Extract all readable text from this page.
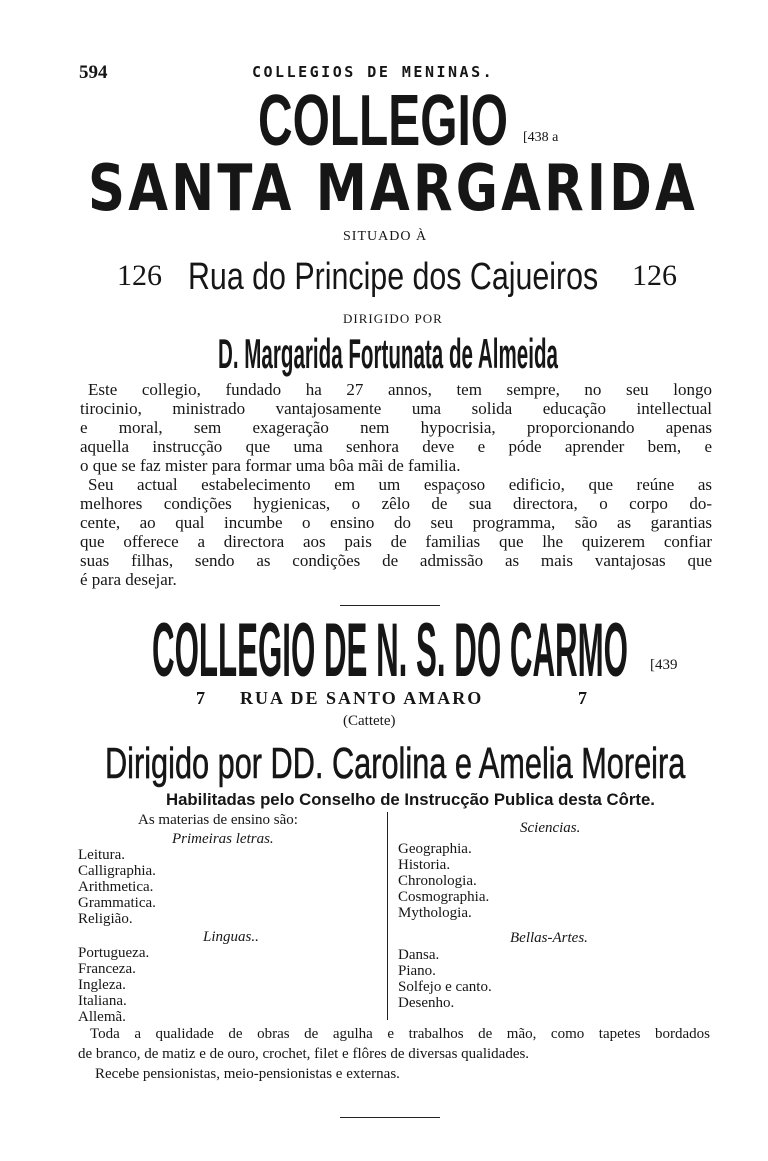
594	COLLEGIOS DE MENINAS.
COLLEGIO [438 a
SANTA MARGARIDA
SITUADO À
126 Rua do Principe dos Cajueiros 126
DIRIGIDO POR
D. Margarida Fortunata de Almeida
Este collegio, fundado ha 27 annos, tem sempre, no seu longo
tirocinio, ministrado vantajosamente uma solida educação intellectual
e moral, sem exageração nem hypocrisia, proporcionando apenas
aquella instrucção que uma senhora deve e póde aprender bem, e
o que se faz mister para formar uma bôa mãi de familia.
Seu actual estabelecimento em um espaçoso edificio, que reúne as
melhores condições hygienicas, o zêlo de sua directora, o corpo do-
cente, ao qual incumbe o ensino do seu programma, são as garantias
que offerece a directora aos pais de familias que lhe quizerem confiar
suas filhas, sendo as condições de admissão as mais vantajosas que
é para desejar.
COLLEGIO DE N. S. DO CARMO [439
7 RUA DE SANTO AMARO	7
(Cattete)
Dirigido por DD. Carolina e Amelia Moreira
Habilitadas pelo Conselho de Instrucção Publica desta Côrte.
As materias de ensino são:
Primeiras letras.
Leitura.
Calligraphia.
Arithmetica.
Grammatica.
Religião.
Linguas..
Portugueza.
Franceza.
Ingleza.
Italiana.
Allemã.
Sciencias.
Geographia.
Historia.
Chronologia.
Cosmographia.
Mythologia.
Bellas-Artes.
Dansa.
Piano.
Solfejo e canto.
Desenho.
Toda a qualidade de obras de agulha e trabalhos de mão, como tapetes bordados
de branco, de matiz e de ouro, crochet, filet e flôres de diversas qualidades.
Recebe pensionistas, meio-pensionistas e externas.
